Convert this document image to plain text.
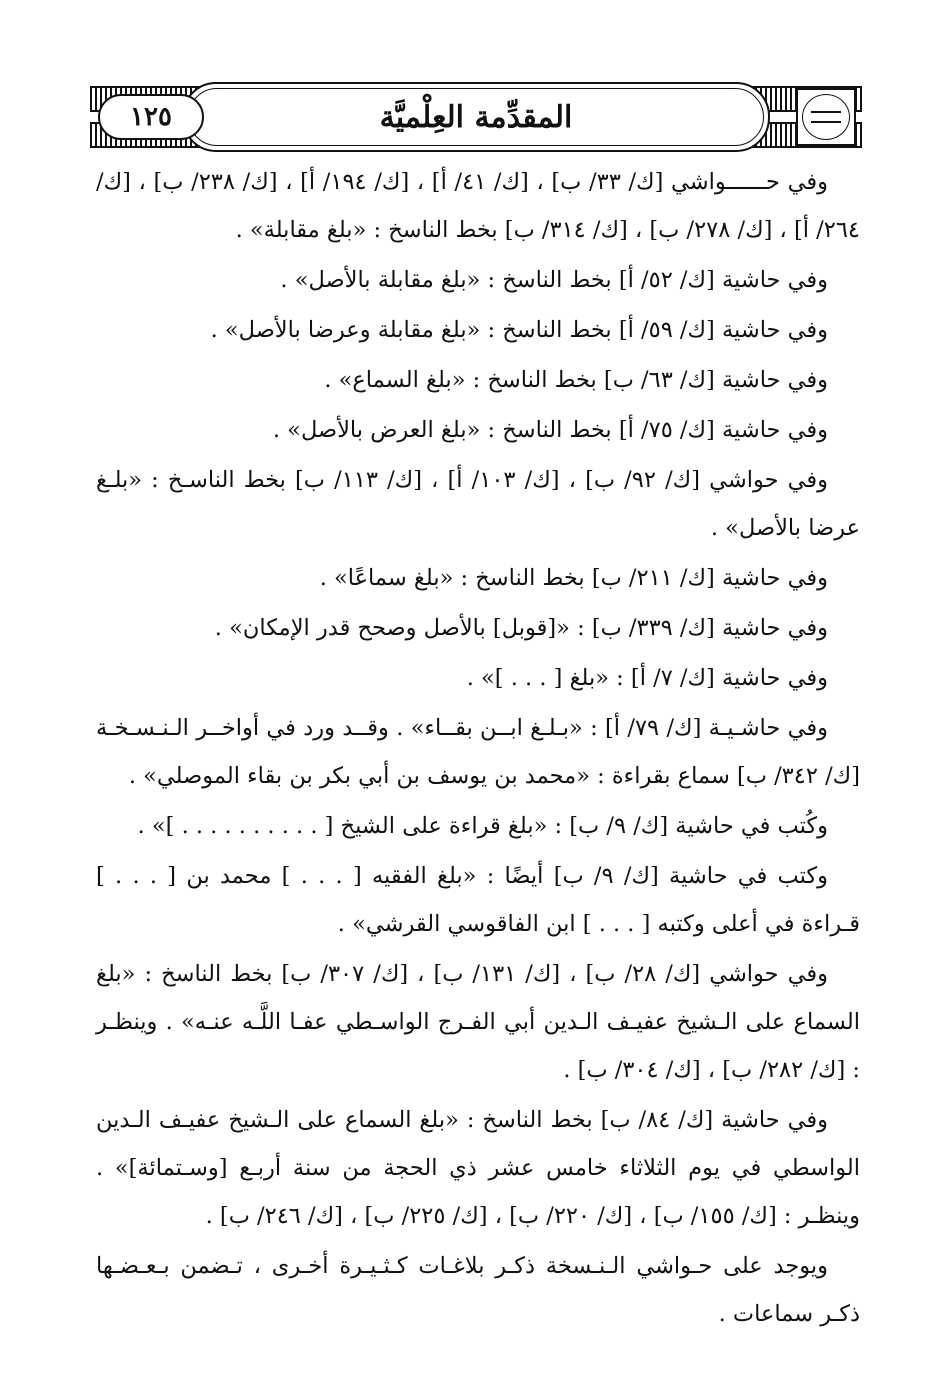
المقدِّمة العِلْميَّة
١٢٥

وفي حــــــواشي [ك/ ٣٣/ ب] ، [ك/ ٤١/ أ] ، [ك/ ١٩٤/ أ] ، [ك/ ٢٣٨/ ب] ، [ك/ ٢٦٤/ أ] ، [ك/ ٢٧٨/ ب] ، [ك/ ٣١٤/ ب] بخط الناسخ : «بلغ مقابلة» .

وفي حاشية [ك/ ٥٢/ أ] بخط الناسخ : «بلغ مقابلة بالأصل» .

وفي حاشية [ك/ ٥٩/ أ] بخط الناسخ : «بلغ مقابلة وعرضا بالأصل» .

وفي حاشية [ك/ ٦٣/ ب] بخط الناسخ : «بلغ السماع» .

وفي حاشية [ك/ ٧٥/ أ] بخط الناسخ : «بلغ العرض بالأصل» .

وفي حواشي [ك/ ٩٢/ ب] ، [ك/ ١٠٣/ أ] ، [ك/ ١١٣/ ب] بخط الناسـخ : «بلـغ عرضا بالأصل» .

وفي حاشية [ك/ ٢١١/ ب] بخط الناسخ : «بلغ سماعًا» .

وفي حاشية [ك/ ٣٣٩/ ب] : «[قوبل] بالأصل وصحح قدر الإمكان» .

وفي حاشية [ك/ ٧/ أ] : «بلغ [ . . . ]» .

وفي حاشـيـة [ك/ ٧٩/ أ] : «بـلـغ ابــن بقــاء» . وقــد ورد في أواخــر الـنـسـخـة [ك/ ٣٤٢/ ب] سماع بقراءة : «محمد بن يوسف بن أبي بكر بن بقاء الموصلي» .

وكُتب في حاشية [ك/ ٩/ ب] : «بلغ قراءة على الشيخ [ . . . . . . . . . . ]» .

وكتب في حاشية [ك/ ٩/ ب] أيضًا : «بلغ الفقيه [ . . . ] محمد بن [ . . . ] قـراءة في أعلى وكتبه [ . . . ] ابن الفاقوسي القرشي» .

وفي حواشي [ك/ ٢٨/ ب] ، [ك/ ١٣١/ ب] ، [ك/ ٣٠٧/ ب] بخط الناسخ : «بلغ السماع على الـشيخ عفيـف الـدين أبي الفـرج الواسـطي عفـا اللَّـه عنـه» . وينظـر : [ك/ ٢٨٢/ ب] ، [ك/ ٣٠٤/ ب] .

وفي حاشية [ك/ ٨٤/ ب] بخط الناسخ : «بلغ السماع على الـشيخ عفيـف الـدين الواسطي في يوم الثلاثاء خامس عشر ذي الحجة من سنة أربـع [وسـتمائة]» . وينظـر : [ك/ ١٥٥/ ب] ، [ك/ ٢٢٠/ ب] ، [ك/ ٢٢٥/ ب] ، [ك/ ٢٤٦/ ب] .

ويوجد على حـواشي الـنـسخة ذكـر بلاغـات كـثـيـرة أخـرى ، تـضمن بـعـضـها ذكـر سماعات .
